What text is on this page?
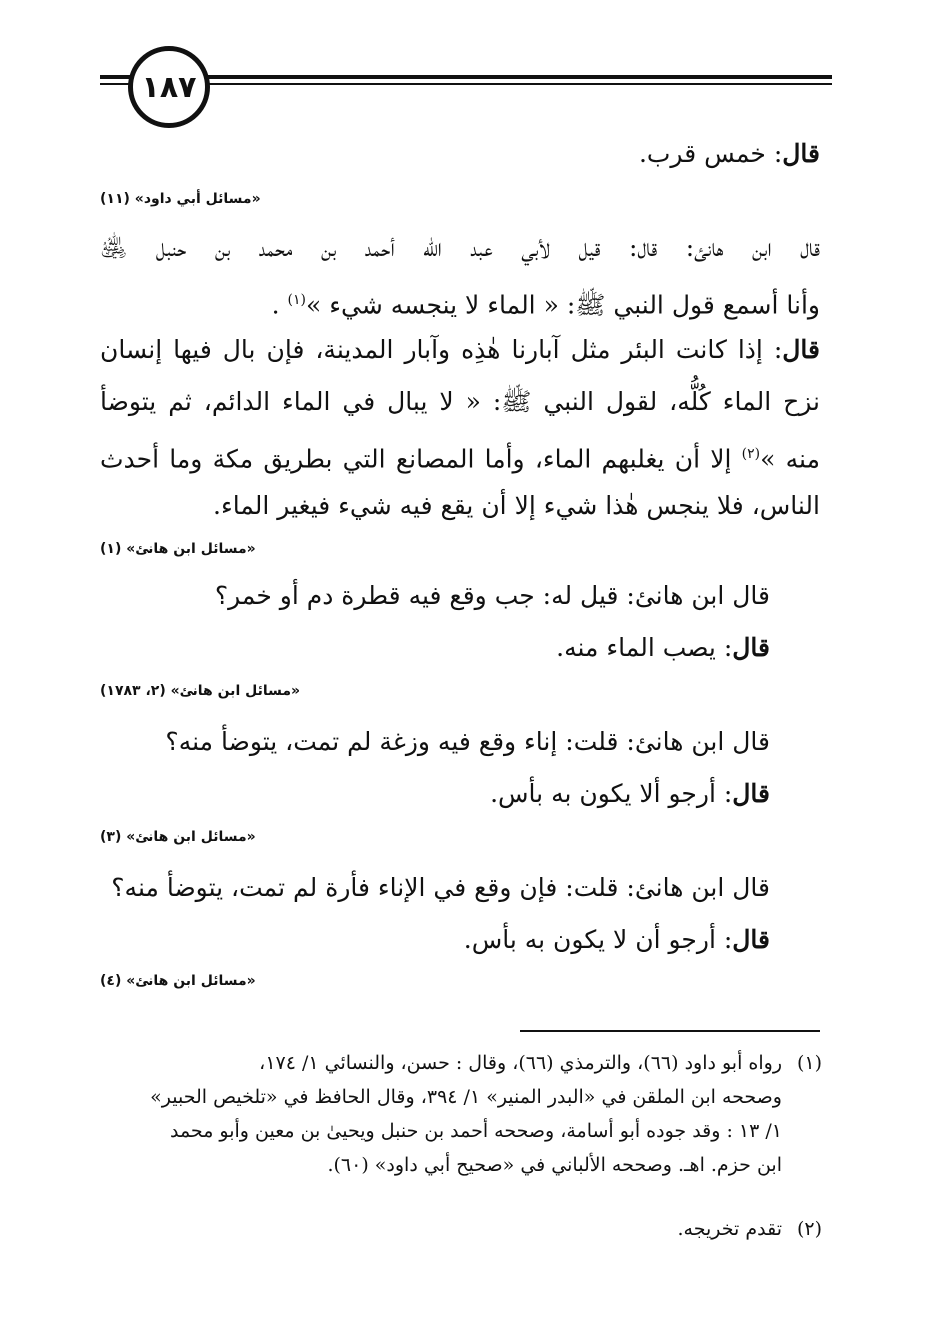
١٨٧
قال: خمس قرب.
«مسائل أبي داود» (١١)
قال ابن هانئ: قال: قيل لأبي عبد الله أحمد بن محمد بن حنبل ﵁
وأنا أسمع قول النبي ﷺ: « الماء لا ينجسه شيء »$^{(١)}$ .
قال: إذا كانت البئر مثل آبارنا هٰذِه وآبار المدينة، فإن بال فيها إنسان
نزح الماء كُلُّه، لقول النبي ﷺ: « لا يبال في الماء الدائم، ثم يتوضأ
منه »$^{(٢)}$ إلا أن يغلبهم الماء، وأما المصانع التي بطريق مكة وما أحدث
الناس، فلا ينجس هٰذا شيء إلا أن يقع فيه شيء فيغير الماء.
«مسائل ابن هانئ» (١)
قال ابن هانئ: قيل له: جب وقع فيه قطرة دم أو خمر؟
قال: يصب الماء منه.
«مسائل ابن هانئ» (٢، ١٧٨٣)
قال ابن هانئ: قلت: إناء وقع فيه وزغة لم تمت، يتوضأ منه؟
قال: أرجو ألا يكون به بأس.
«مسائل ابن هانئ» (٣)
قال ابن هانئ: قلت: فإن وقع في الإناء فأرة لم تمت، يتوضأ منه؟
قال: أرجو أن لا يكون به بأس.
«مسائل ابن هانئ» (٤)
(١)
رواه أبو داود (٦٦)، والترمذي (٦٦)، وقال : حسن، والنسائي ١/ ١٧٤،
وصححه ابن الملقن في «البدر المنير» ١/ ٣٩٤، وقال الحافظ في «تلخيص الحبير»
١/ ١٣ : وقد جوده أبو أسامة، وصححه أحمد بن حنبل ويحيىٰ بن معين وأبو محمد
ابن حزم. اهـ. وصححه الألباني في «صحيح أبي داود» (٦٠).
(٢)
تقدم تخريجه.
